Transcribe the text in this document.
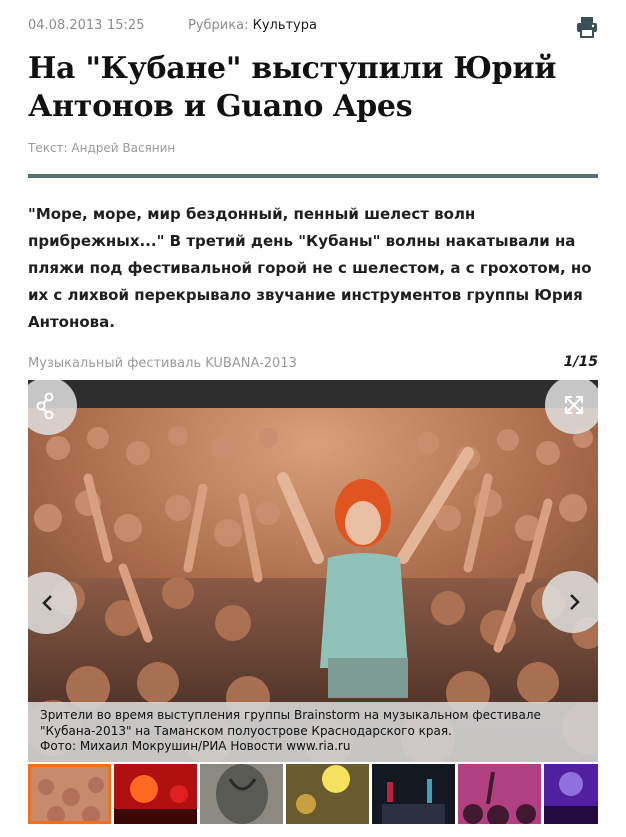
04.08.2013 15:25	Рубрика: Культура
На "Кубане" выступили Юрий Антонов и Guano Apes
Текст: Андрей Васянин

"Море, море, мир бездонный, пенный шелест волн прибрежных..." В третий день "Кубаны" волны накатывали на пляжи под фестивальной горой не с шелестом, а с грохотом, но их с лихвой перекрывало звучание инструментов группы Юрия Антонова.

Музыкальный фестиваль KUBANA-2013	1/15

Зрители во время выступления группы Brainstorm на музыкальном фестивале
"Кубана-2013" на Таманском полуострове Краснодарского края.
Фото: Михаил Мокрушин/РИА Новости www.ria.ru
